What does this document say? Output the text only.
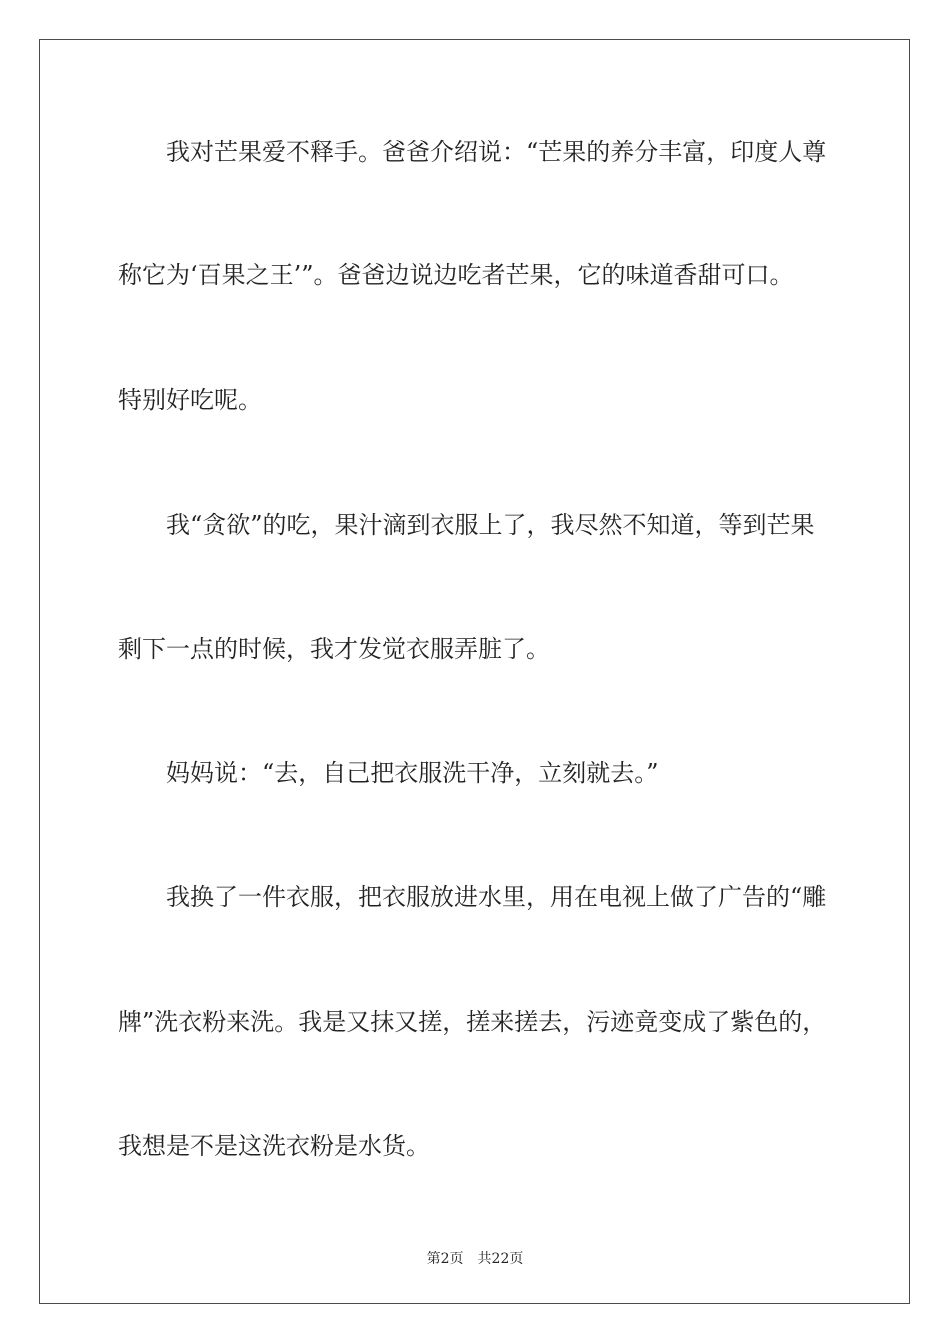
我对芒果爱不释手。爸爸介绍说：“芒果的养分丰富，印度人尊

称它为‘百果之王’”。爸爸边说边吃者芒果，它的味道香甜可口。

特别好吃呢。

我“贪欲”的吃，果汁滴到衣服上了，我尽然不知道，等到芒果

剩下一点的时候，我才发觉衣服弄脏了。

妈妈说：“去，自己把衣服洗干净，立刻就去。”

我换了一件衣服，把衣服放进水里，用在电视上做了广告的“雕

牌”洗衣粉来洗。我是又抹又搓，搓来搓去，污迹竟变成了紫色的，

我想是不是这洗衣粉是水货。

第2页 共22页
